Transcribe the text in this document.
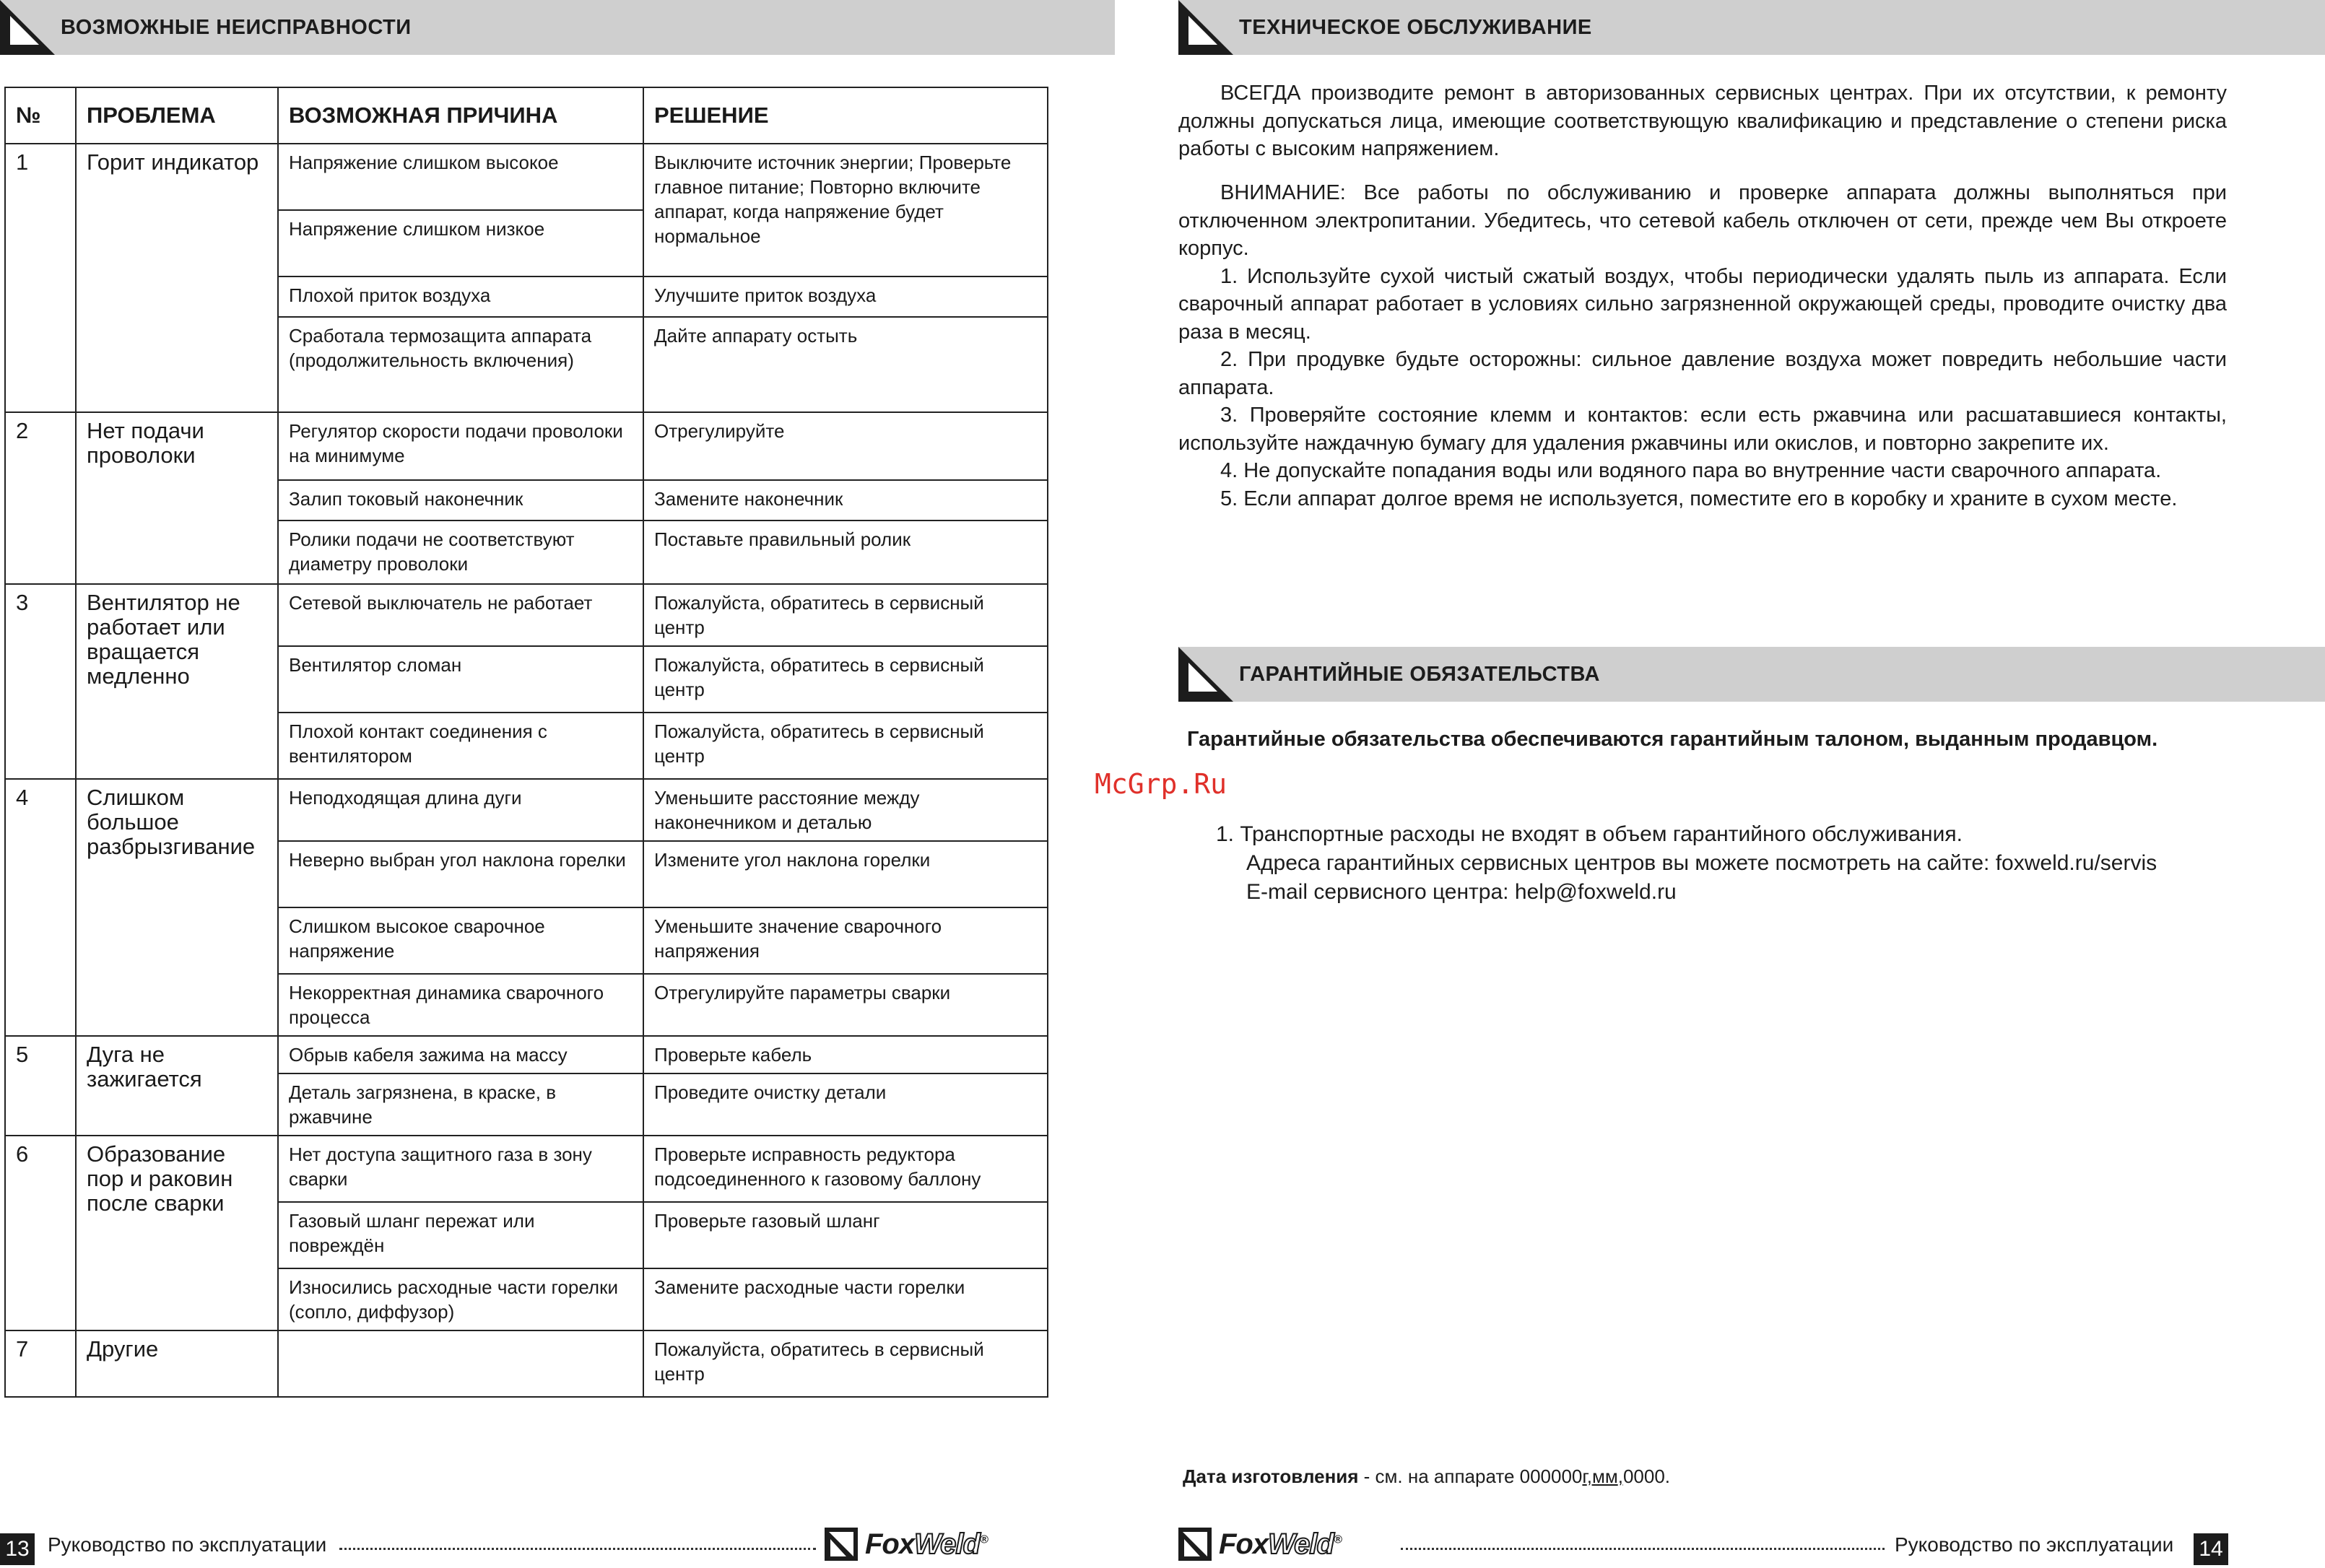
ВОЗМОЖНЫЕ НЕИСПРАВНОСТИ
№	ПРОБЛЕМА	ВОЗМОЖНАЯ ПРИЧИНА	РЕШЕНИЕ
1	Горит индикатор	Напряжение слишком высокое	Выключите источник энергии; Проверьте главное питание; Повторно включите аппарат, когда напряжение будет нормальное
		Напряжение слишком низкое	
		Плохой приток воздуха	Улучшите приток воздуха
		Сработала термозащита аппарата (продолжительность включения)	Дайте аппарату остыть
2	Нет подачи проволоки	Регулятор скорости подачи проволоки на минимуме	Отрегулируйте
		Залип токовый наконечник	Замените наконечник
		Ролики подачи не соответствуют диаметру проволоки	Поставьте правильный ролик
3	Вентилятор не работает или вращается медленно	Сетевой выключатель не работает	Пожалуйста, обратитесь в сервисный центр
		Вентилятор сломан	Пожалуйста, обратитесь в сервисный центр
		Плохой контакт соединения с вентилятором	Пожалуйста, обратитесь в сервисный центр
4	Слишком большое разбрызгивание	Неподходящая длина дуги	Уменьшите расстояние между наконечником и деталью
		Неверно выбран угол наклона горелки	Измените угол наклона горелки
		Слишком высокое сварочное напряжение	Уменьшите значение сварочного напряжения
		Некорректная динамика сварочного процесса	Отрегулируйте параметры сварки
5	Дуга не зажигается	Обрыв кабеля зажима на массу	Проверьте кабель
		Деталь загрязнена, в краске, в ржавчине	Проведите очистку детали
6	Образование пор и раковин после сварки	Нет доступа защитного газа в зону сварки	Проверьте исправность редуктора подсоединенного к газовому баллону
		Газовый шланг пережат или повреждён	Проверьте газовый шланг
		Износились расходные части горелки (сопло, диффузор)	Замените расходные части горелки
7	Другие		Пожалуйста, обратитесь в сервисный центр
13 Руководство по эксплуатации	FoxWeld®
ТЕХНИЧЕСКОЕ ОБСЛУЖИВАНИЕ

ВСЕГДА производите ремонт в авторизованных сервисных центрах. При их отсутствии, к ремонту должны допускаться лица, имеющие соответствующую квалификацию и представление о степени риска работы с высоким напряжением.

ВНИМАНИЕ: Все работы по обслуживанию и проверке аппарата должны выполняться при отключенном электропитании. Убедитесь, что сетевой кабель отключен от сети, прежде чем Вы откроете корпус.

1. Используйте сухой чистый сжатый воздух, чтобы периодически удалять пыль из аппарата. Если сварочный аппарат работает в условиях сильно загрязненной окружающей среды, проводите очистку два раза в месяц.

2. При продувке будьте осторожны: сильное давление воздуха может повредить небольшие части аппарата.

3. Проверяйте состояние клемм и контактов: если есть ржавчина или расшатавшиеся контакты, используйте наждачную бумагу для удаления ржавчины или окислов, и повторно закрепите их.

4. Не допускайте попадания воды или водяного пара во внутренние части сварочного аппарата.

5. Если аппарат долгое время не используется, поместите его в коробку и храните в сухом месте.

ГАРАНТИЙНЫЕ ОБЯЗАТЕЛЬСТВА
Гарантийные обязательства обеспечиваются гарантийным талоном, выданным продавцом.
McGrp.Ru
1. Транспортные расходы не входят в объем гарантийного обслуживания.
Адреса гарантийных сервисных центров вы можете посмотреть на сайте: foxweld.ru/servis
E-mail сервисного центра: help@foxweld.ru
Дата изготовления - см. на аппарате 000000г,мм,0000.
FoxWeld®	Руководство по эксплуатации 14
